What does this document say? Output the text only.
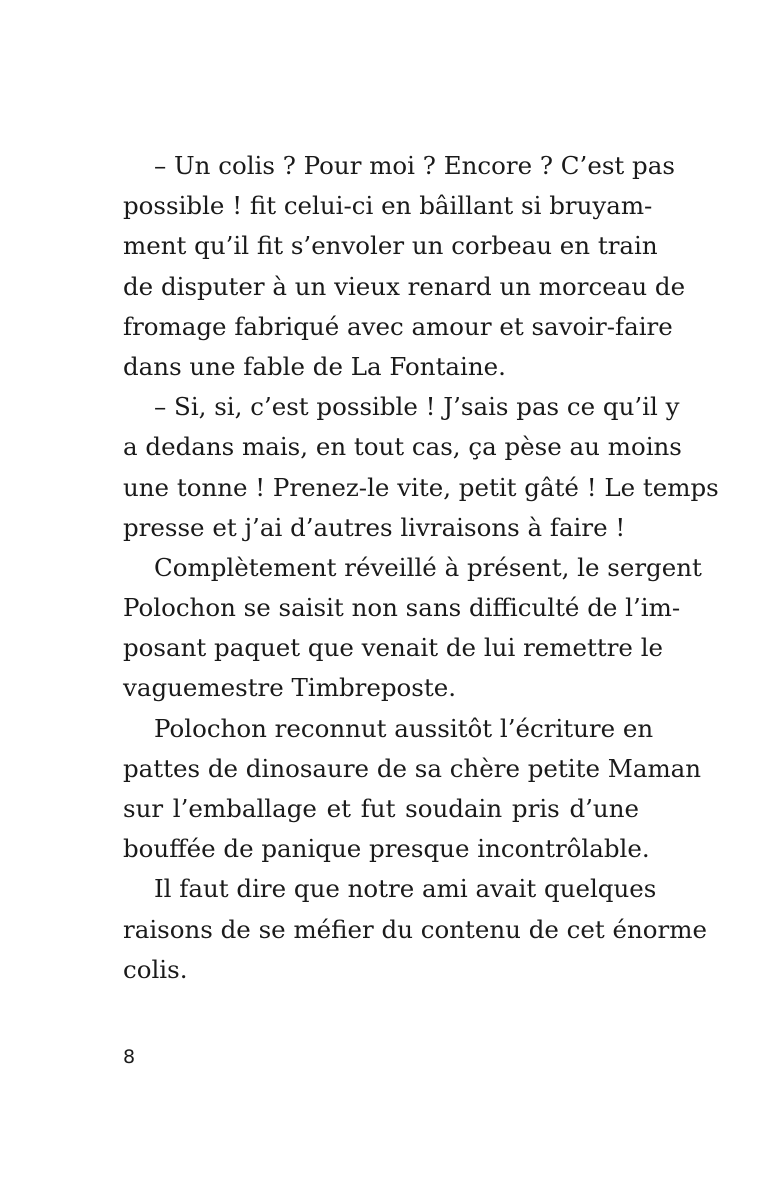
– Un colis ? Pour moi ? Encore ? C’est pas
possible ! fit celui-ci en bâillant si bruyam-
ment qu’il fit s’envoler un corbeau en train
de disputer à un vieux renard un morceau de
fromage fabriqué avec amour et savoir-faire
dans une fable de La Fontaine.
– Si, si, c’est possible ! J’sais pas ce qu’il y
a dedans mais, en tout cas, ça pèse au moins
une tonne ! Prenez-le vite, petit gâté ! Le temps
presse et j’ai d’autres livraisons à faire !
Complètement réveillé à présent, le sergent
Polochon se saisit non sans difficulté de l’im-
posant paquet que venait de lui remettre le
vaguemestre Timbreposte.
Polochon reconnut aussitôt l’écriture en
pattes de dinosaure de sa chère petite Maman
sur l’emballage et fut soudain pris d’une
bouffée de panique presque incontrôlable.
Il faut dire que notre ami avait quelques
raisons de se méfier du contenu de cet énorme
colis.
8
